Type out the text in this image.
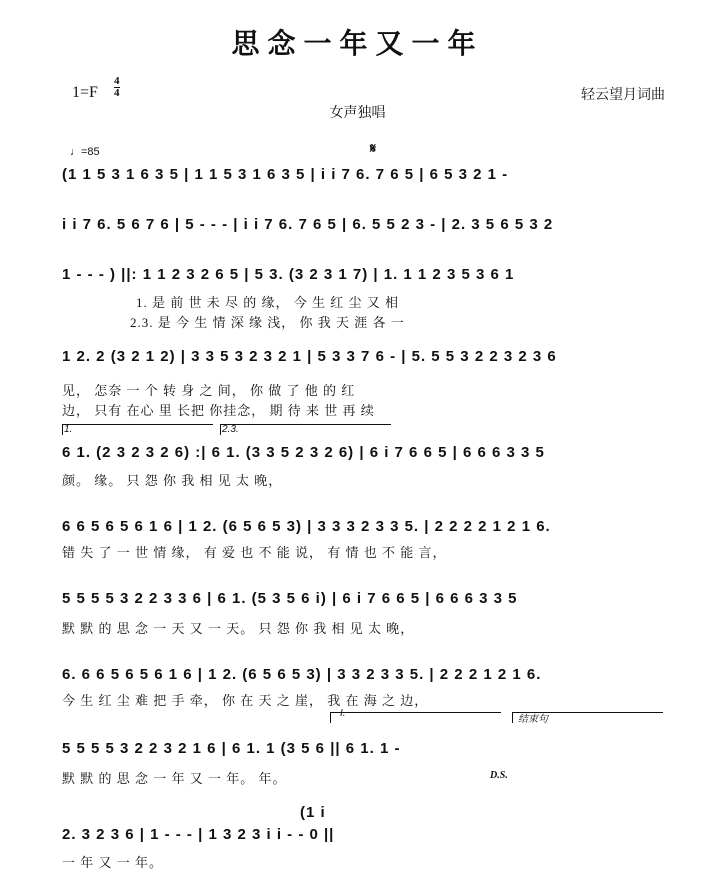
思念一年又一年
1=F
4
4	轻云望月词曲
女声独唱
♩=85	𝄋
(1 1 5 3 1 6 3 5 | 1 1 5 3 1 6 3 5 | i i 7 6. 7 6 5 | 6 5 3 2 1 -
i i 7 6. 5 6 7 6 | 5 - - - | i i 7 6. 7 6 5 | 6. 5 5 2 3 - | 2. 3 5 6 5 3 2
1 - - - ) ||: 1 1 2 3 2 6 5 | 5 3. (3 2 3 1 7) | 1. 1 1 2 3 5 3 6 1
1. 是 前 世 未 尽 的 缘， 今 生 红 尘 又 相
2.3. 是 今 生 情 深 缘 浅， 你 我 天 涯 各 一
1 2. 2 (3 2 1 2) | 3 3 5 3 2 3 2 1 | 5 3 3 7 6 - | 5. 5 5 3 2 2 3 2 3 6
见， 怎奈 一 个 转 身 之 间， 你 做 了 他 的 红
边， 只有 在心 里 长把 你挂念， 期 待 来 世 再 续
1.	2.3.
6 1. (2 3 2 3 2 6) :| 6 1. (3 3 5 2 3 2 6) | 6 i 7 6 6 5 | 6 6 6 3 3 5
颜。 缘。 只 怨 你 我 相 见 太 晚，
6 6 5 6 5 6 1 6 | 1 2. (6 5 6 5 3) | 3 3 3 2 3 3 5. | 2 2 2 2 1 2 1 6.
错 失 了 一 世 情 缘， 有 爱 也 不 能 说， 有 情 也 不 能 言，
5 5 5 5 3 2 2 3 3 6 | 6 1. (5 3 5 6 i) | 6 i 7 6 6 5 | 6 6 6 3 3 5
默 默 的 思 念 一 天 又 一 天。 只 怨 你 我 相 见 太 晚，
6. 6 6 5 6 5 6 1 6 | 1 2. (6 5 6 5 3) | 3 3 2 3 3 5. | 2 2 2 1 2 1 6.
今 生 红 尘 难 把 手 牵， 你 在 天 之 崖， 我 在 海 之 边，
I.
结束句
5 5 5 5 3 2 2 3 2 1 6 | 6 1. 1 (3 5 6 || 6 1. 1 -
默 默 的 思 念 一 年 又 一 年。 年。	D.S.
(1 i
2. 3 2 3 6 | 1 - - - | 1 3 2 3 i i - - 0 ||
一 年 又 一 年。
